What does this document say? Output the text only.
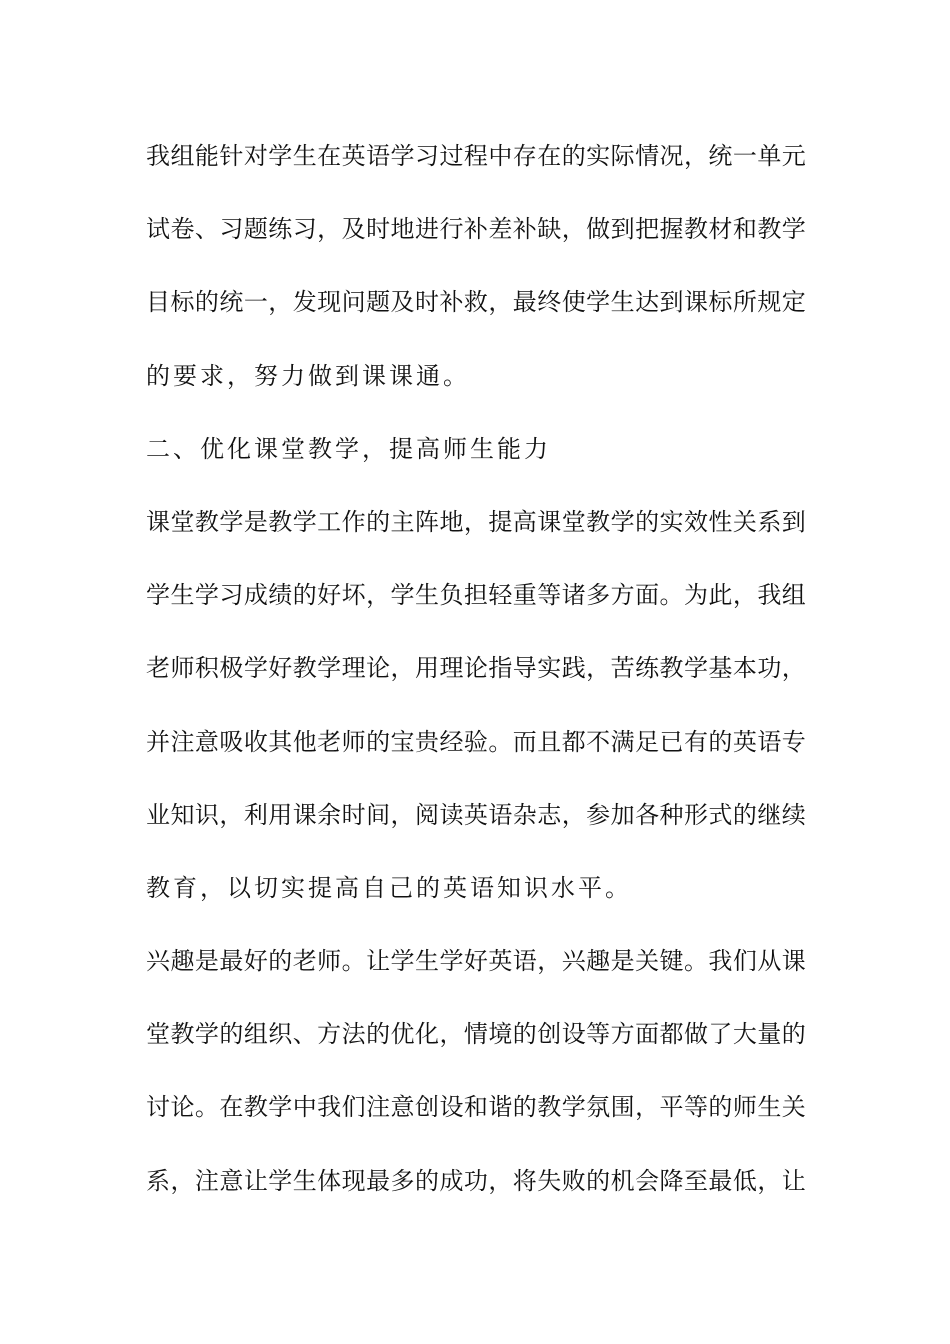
我 组 能 针 对 学 生 在 英 语 学 习 过 程 中 存 在 的 实 际 情 况 ， 统 一 单 元
试 卷 、 习 题 练 习 ， 及 时 地 进 行 补 差 补 缺 ， 做 到 把 握 教 材 和 教 学
目 标 的 统 一 ， 发 现 问 题 及 时 补 救 ， 最 终 使 学 生 达 到 课 标 所 规 定
的要求，努力做到课课通。
二、优化课堂教学，提高师生能力
课 堂 教 学 是 教 学 工 作 的 主 阵 地 ， 提 高 课 堂 教 学 的 实 效 性 关 系 到
学 生 学 习 成 绩 的 好 坏 ， 学 生 负 担 轻 重 等 诸 多 方 面 。 为 此 ， 我 组
老 师 积 极 学 好 教 学 理 论 ， 用 理 论 指 导 实 践 ， 苦 练 教 学 基 本 功 ，
并 注 意 吸 收 其 他 老 师 的 宝 贵 经 验 。 而 且 都 不 满 足 已 有 的 英 语 专
业 知 识 ， 利 用 课 余 时 间 ， 阅 读 英 语 杂 志 ， 参 加 各 种 形 式 的 继 续
教育，以切实提高自己的英语知识水平。
兴 趣 是 最 好 的 老 师 。 让 学 生 学 好 英 语 ， 兴 趣 是 关 键 。 我 们 从 课
堂 教 学 的 组 织 、 方 法 的 优 化 ， 情 境 的 创 设 等 方 面 都 做 了 大 量 的
讨 论 。 在 教 学 中 我 们 注 意 创 设 和 谐 的 教 学 氛 围 ， 平 等 的 师 生 关
系 ， 注 意 让 学 生 体 现 最 多 的 成 功 ， 将 失 败 的 机 会 降 至 最 低 ， 让
